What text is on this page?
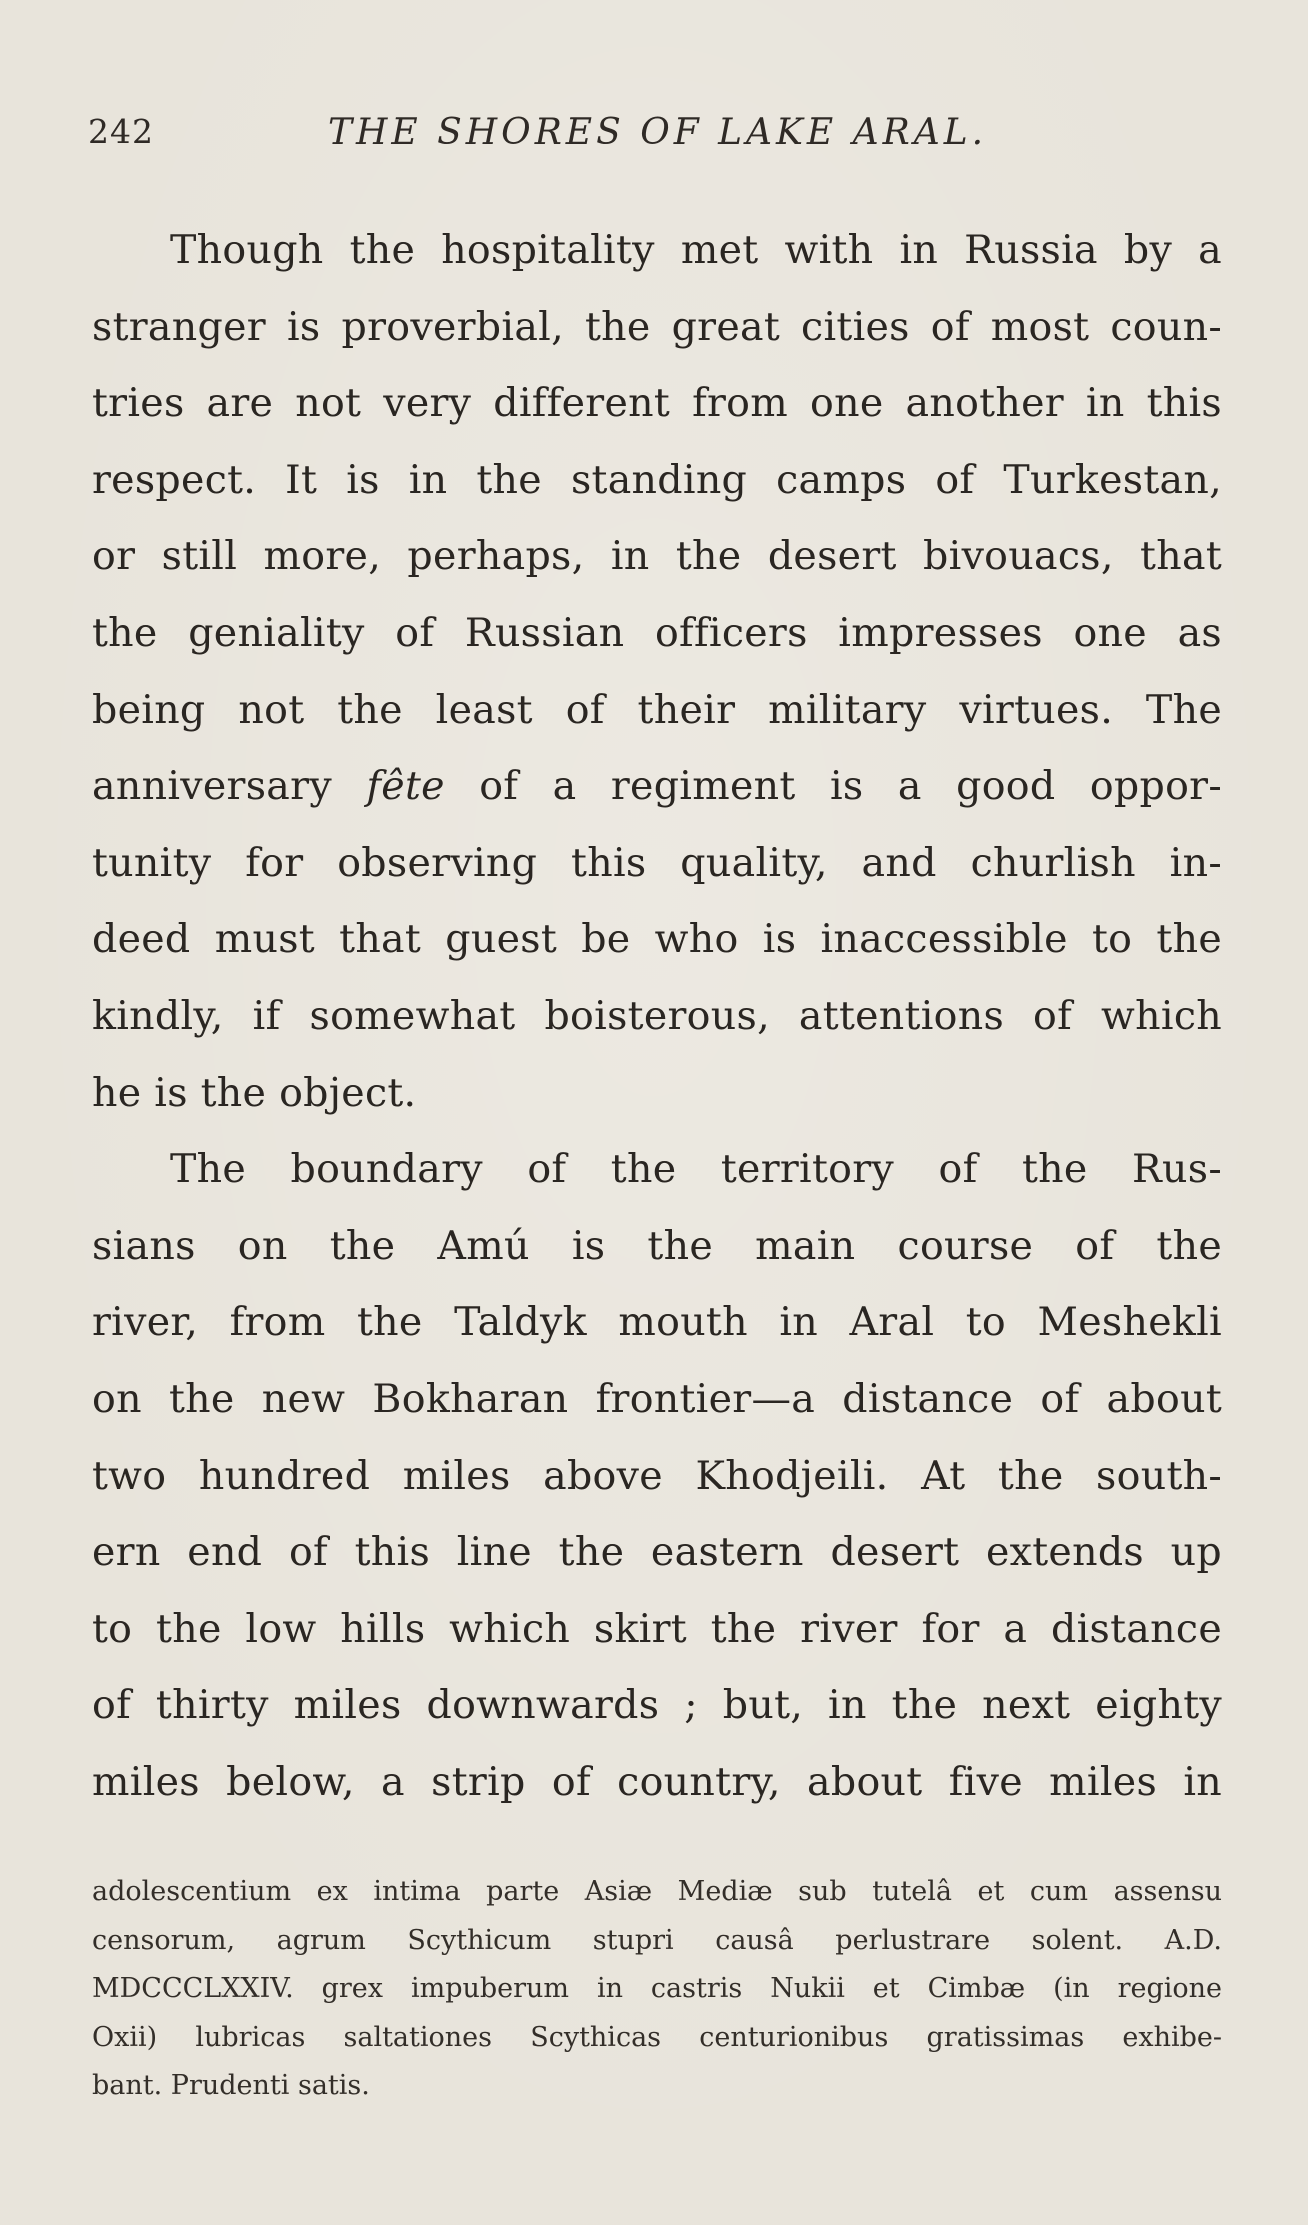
242	THE SHORES OF LAKE ARAL.
Though the hospitality met with in Russia by a
stranger is proverbial, the great cities of most coun-
tries are not very different from one another in this
respect. It is in the standing camps of Turkestan,
or still more, perhaps, in the desert bivouacs, that
the geniality of Russian officers impresses one as
being not the least of their military virtues. The
anniversary fête of a regiment is a good oppor-
tunity for observing this quality, and churlish in-
deed must that guest be who is inaccessible to the
kindly, if somewhat boisterous, attentions of which
he is the object.
The boundary of the territory of the Rus-
sians on the Amú is the main course of the
river, from the Taldyk mouth in Aral to Meshekli
on the new Bokharan frontier—a distance of about
two hundred miles above Khodjeili. At the south-
ern end of this line the eastern desert extends up
to the low hills which skirt the river for a distance
of thirty miles downwards ; but, in the next eighty
miles below, a strip of country, about five miles in
adolescentium ex intima parte Asiæ Mediæ sub tutelâ et cum assensu
censorum, agrum Scythicum stupri causâ perlustrare solent. A.D.
MDCCCLXXIV. grex impuberum in castris Nukii et Cimbæ (in regione
Oxii) lubricas saltationes Scythicas centurionibus gratissimas exhibe-
bant. Prudenti satis.
